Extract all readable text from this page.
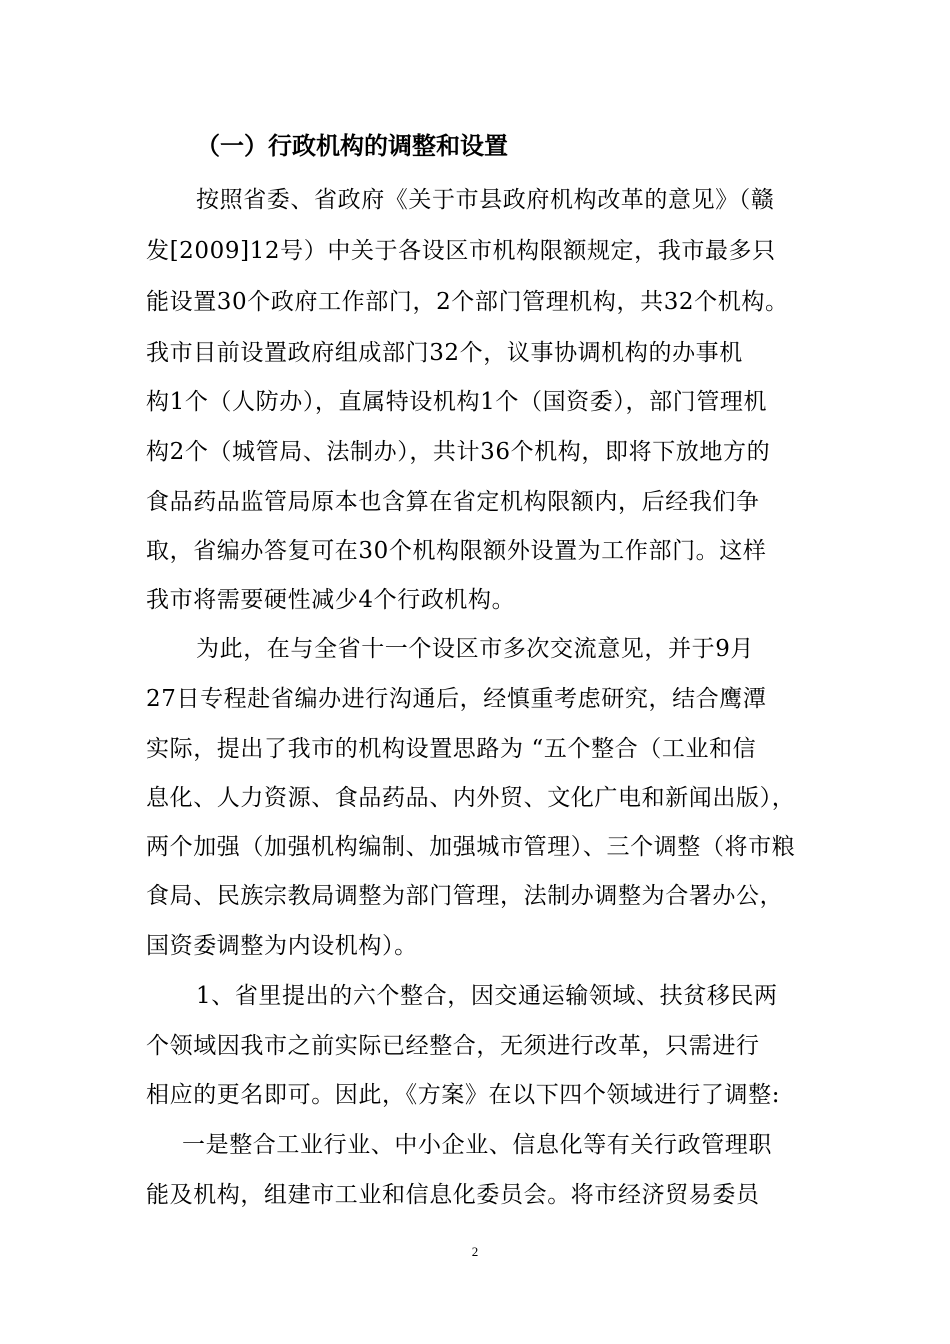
（一）行政机构的调整和设置
按照省委、省政府《关于市县政府机构改革的意见》（赣
发[2009]12号）中关于各设区市机构限额规定，我市最多只
能设置30个政府工作部门，2个部门管理机构，共32个机构。
我市目前设置政府组成部门32个，议事协调机构的办事机
构1个（人防办），直属特设机构1个（国资委），部门管理机
构2个（城管局、法制办），共计36个机构，即将下放地方的
食品药品监管局原本也含算在省定机构限额内，后经我们争
取，省编办答复可在30个机构限额外设置为工作部门。这样
我市将需要硬性减少4个行政机构。
为此，在与全省十一个设区市多次交流意见，并于9月
27日专程赴省编办进行沟通后，经慎重考虑研究，结合鹰潭
实际，提出了我市的机构设置思路为 “五个整合（工业和信
息化、人力资源、食品药品、内外贸、文化广电和新闻出版），
两个加强（加强机构编制、加强城市管理）、三个调整（将市粮
食局、民族宗教局调整为部门管理，法制办调整为合署办公，
国资委调整为内设机构）。
1、省里提出的六个整合，因交通运输领域、扶贫移民两
个领域因我市之前实际已经整合，无须进行改革，只需进行
相应的更名即可。因此，《方案》在以下四个领域进行了调整:
一是整合工业行业、中小企业、信息化等有关行政管理职
能及机构，组建市工业和信息化委员会。将市经济贸易委员
2
